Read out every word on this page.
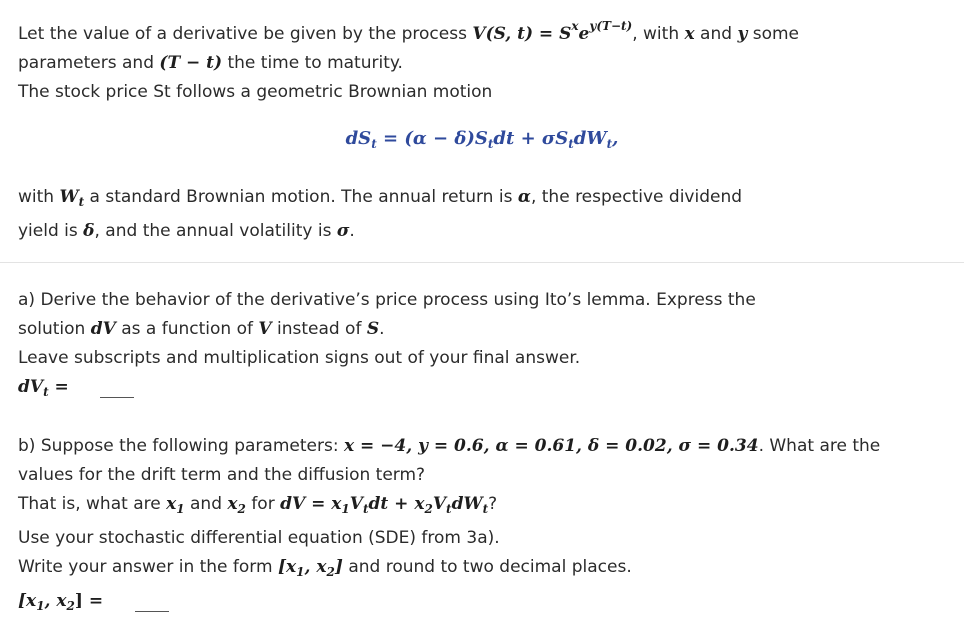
Let the value of a derivative be given by the process V(S, $t) = S^xe^{y(T-t)}$, with x and y some
parameters and (T − t) the time to maturity.
The stock price St follows a geometric Brownian motion
$dS_t = (\alpha - \delta)S_tdt + \sigma S_tdW_t$,
with $W_t$ a standard Brownian motion. The annual return is α, the respective dividend
yield is δ, and the annual volatility is σ.
a) Derive the behavior of the derivative’s price process using Ito’s lemma. Express the
solution dV as a function of V instead of S.
Leave subscripts and multiplication signs out of your final answer.
$dV_t$ =
b) Suppose the following parameters: x = −4, y = 0.6, α = 0.61, δ = 0.02, σ = 0.34. What are the
values for the drift term and the diffusion term?
That is, what are $x_1$ and $x_2$ for dV = $x_1V_tdt + x_2V_tdW_t$?
Use your stochastic differential equation (SDE) from 3a).
Write your answer in the form [$x_1$, $x_2$] and round to two decimal places.
[$x_1$, $x_2$] =
